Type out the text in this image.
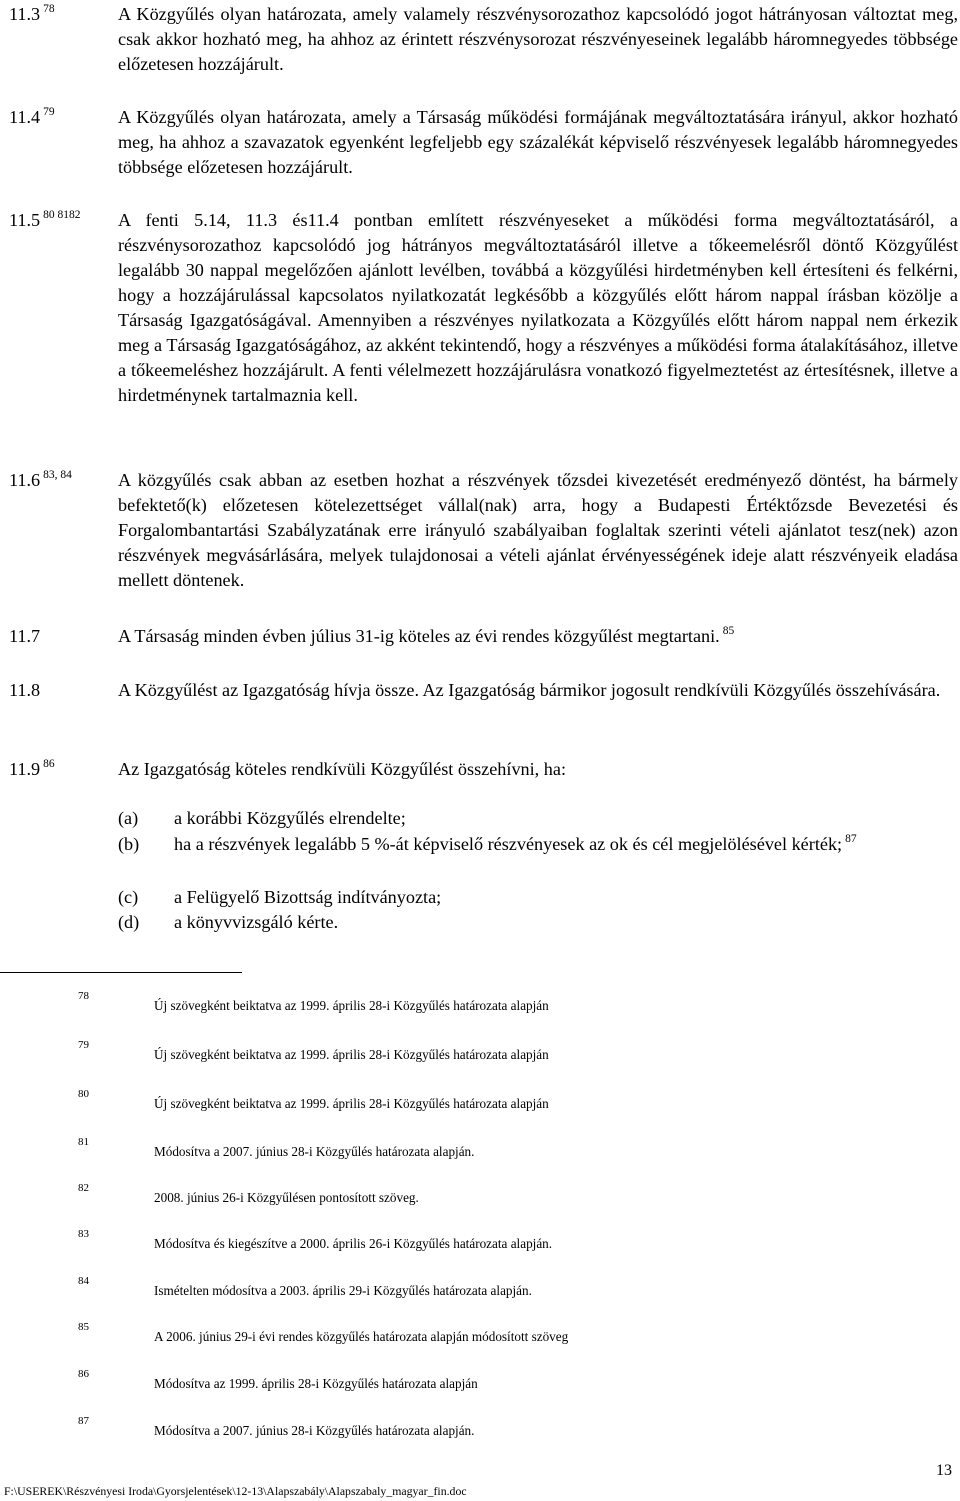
11.3 $^{78}$	A Közgyűlés olyan határozata, amely valamely részvénysorozathoz kapcsolódó jogot hátrányosan változtat meg, csak akkor hozható meg, ha ahhoz az érintett részvénysorozat részvényeseinek legalább háromnegyedes többsége előzetesen hozzájárult.

11.4 $^{79}$	A Közgyűlés olyan határozata, amely a Társaság működési formájának megváltoztatására irányul, akkor hozható meg, ha ahhoz a szavazatok egyenként legfeljebb egy százalékát képviselő részvényesek legalább háromnegyedes többsége előzetesen hozzájárult.

11.5 $^{80 8182}$ A fenti 5.14, 11.3 és11.4 pontban említett részvényeseket a működési forma megváltoztatásáról, a részvénysorozathoz kapcsolódó jog hátrányos megváltoztatásáról illetve a tőkeemelésről döntő Közgyűlést legalább 30 nappal megelőzően ajánlott levélben, továbbá a közgyűlési hirdetményben kell értesíteni és felkérni, hogy a hozzájárulással kapcsolatos nyilatkozatát legkésőbb a közgyűlés előtt három nappal írásban közölje a Társaság Igazgatóságával. Amennyiben a részvényes nyilatkozata a Közgyűlés előtt három nappal nem érkezik meg a Társaság Igazgatóságához, az akként tekintendő, hogy a részvényes a működési forma átalakításához, illetve a tőkeemeléshez hozzájárult. A fenti vélelmezett hozzájárulásra vonatkozó figyelmeztetést az értesítésnek, illetve a hirdetménynek tartalmaznia kell.

11.6 $^{83, 84}$	A közgyűlés csak abban az esetben hozhat a részvények tőzsdei kivezetését eredményező döntést, ha bármely befektető(k) előzetesen kötelezettséget vállal(nak) arra, hogy a Budapesti Értéktőzsde Bevezetési és Forgalombantartási Szabályzatának erre irányuló szabályaiban foglaltak szerinti vételi ajánlatot tesz(nek) azon részvények megvásárlására, melyek tulajdonosai a vételi ajánlat érvényességének ideje alatt részvényeik eladása mellett döntenek.

11.7	A Társaság minden évben július 31-ig köteles az évi rendes közgyűlést megtartani. $^{85}$

11.8	A Közgyűlést az Igazgatóság hívja össze. Az Igazgatóság bármikor jogosult rendkívüli Közgyűlés összehívására.

11.9 $^{86}$	Az Igazgatóság köteles rendkívüli Közgyűlést összehívni, ha:

(a) a korábbi Közgyűlés elrendelte;
(b) ha a részvények legalább 5 %-át képviselő részvényesek az ok és cél megjelölésével kérték; $^{87}$
(c) a Felügyelő Bizottság indítványozta;
(d) a könyvvizsgáló kérte.
78
Új szövegként beiktatva az 1999. április 28-i Közgyűlés határozata alapján
79
Új szövegként beiktatva az 1999. április 28-i Közgyűlés határozata alapján
80
Új szövegként beiktatva az 1999. április 28-i Közgyűlés határozata alapján
81
Módosítva a 2007. június 28-i Közgyűlés határozata alapján.
82
2008. június 26-i Közgyűlésen pontosított szöveg.
83
Módosítva és kiegészítve a 2000. április 26-i Közgyűlés határozata alapján.
84
Ismételten módosítva a 2003. április 29-i Közgyűlés határozata alapján.
85
A 2006. június 29-i évi rendes közgyűlés határozata alapján módosított szöveg
86
Módosítva az 1999. április 28-i Közgyűlés határozata alapján
87
Módosítva a 2007. június 28-i Közgyűlés határozata alapján.
F:\USEREK\Részvényesi Iroda\Gyorsjelentések\12-13\Alapszabály\Alapszabaly_magyar_fin.doc
13
